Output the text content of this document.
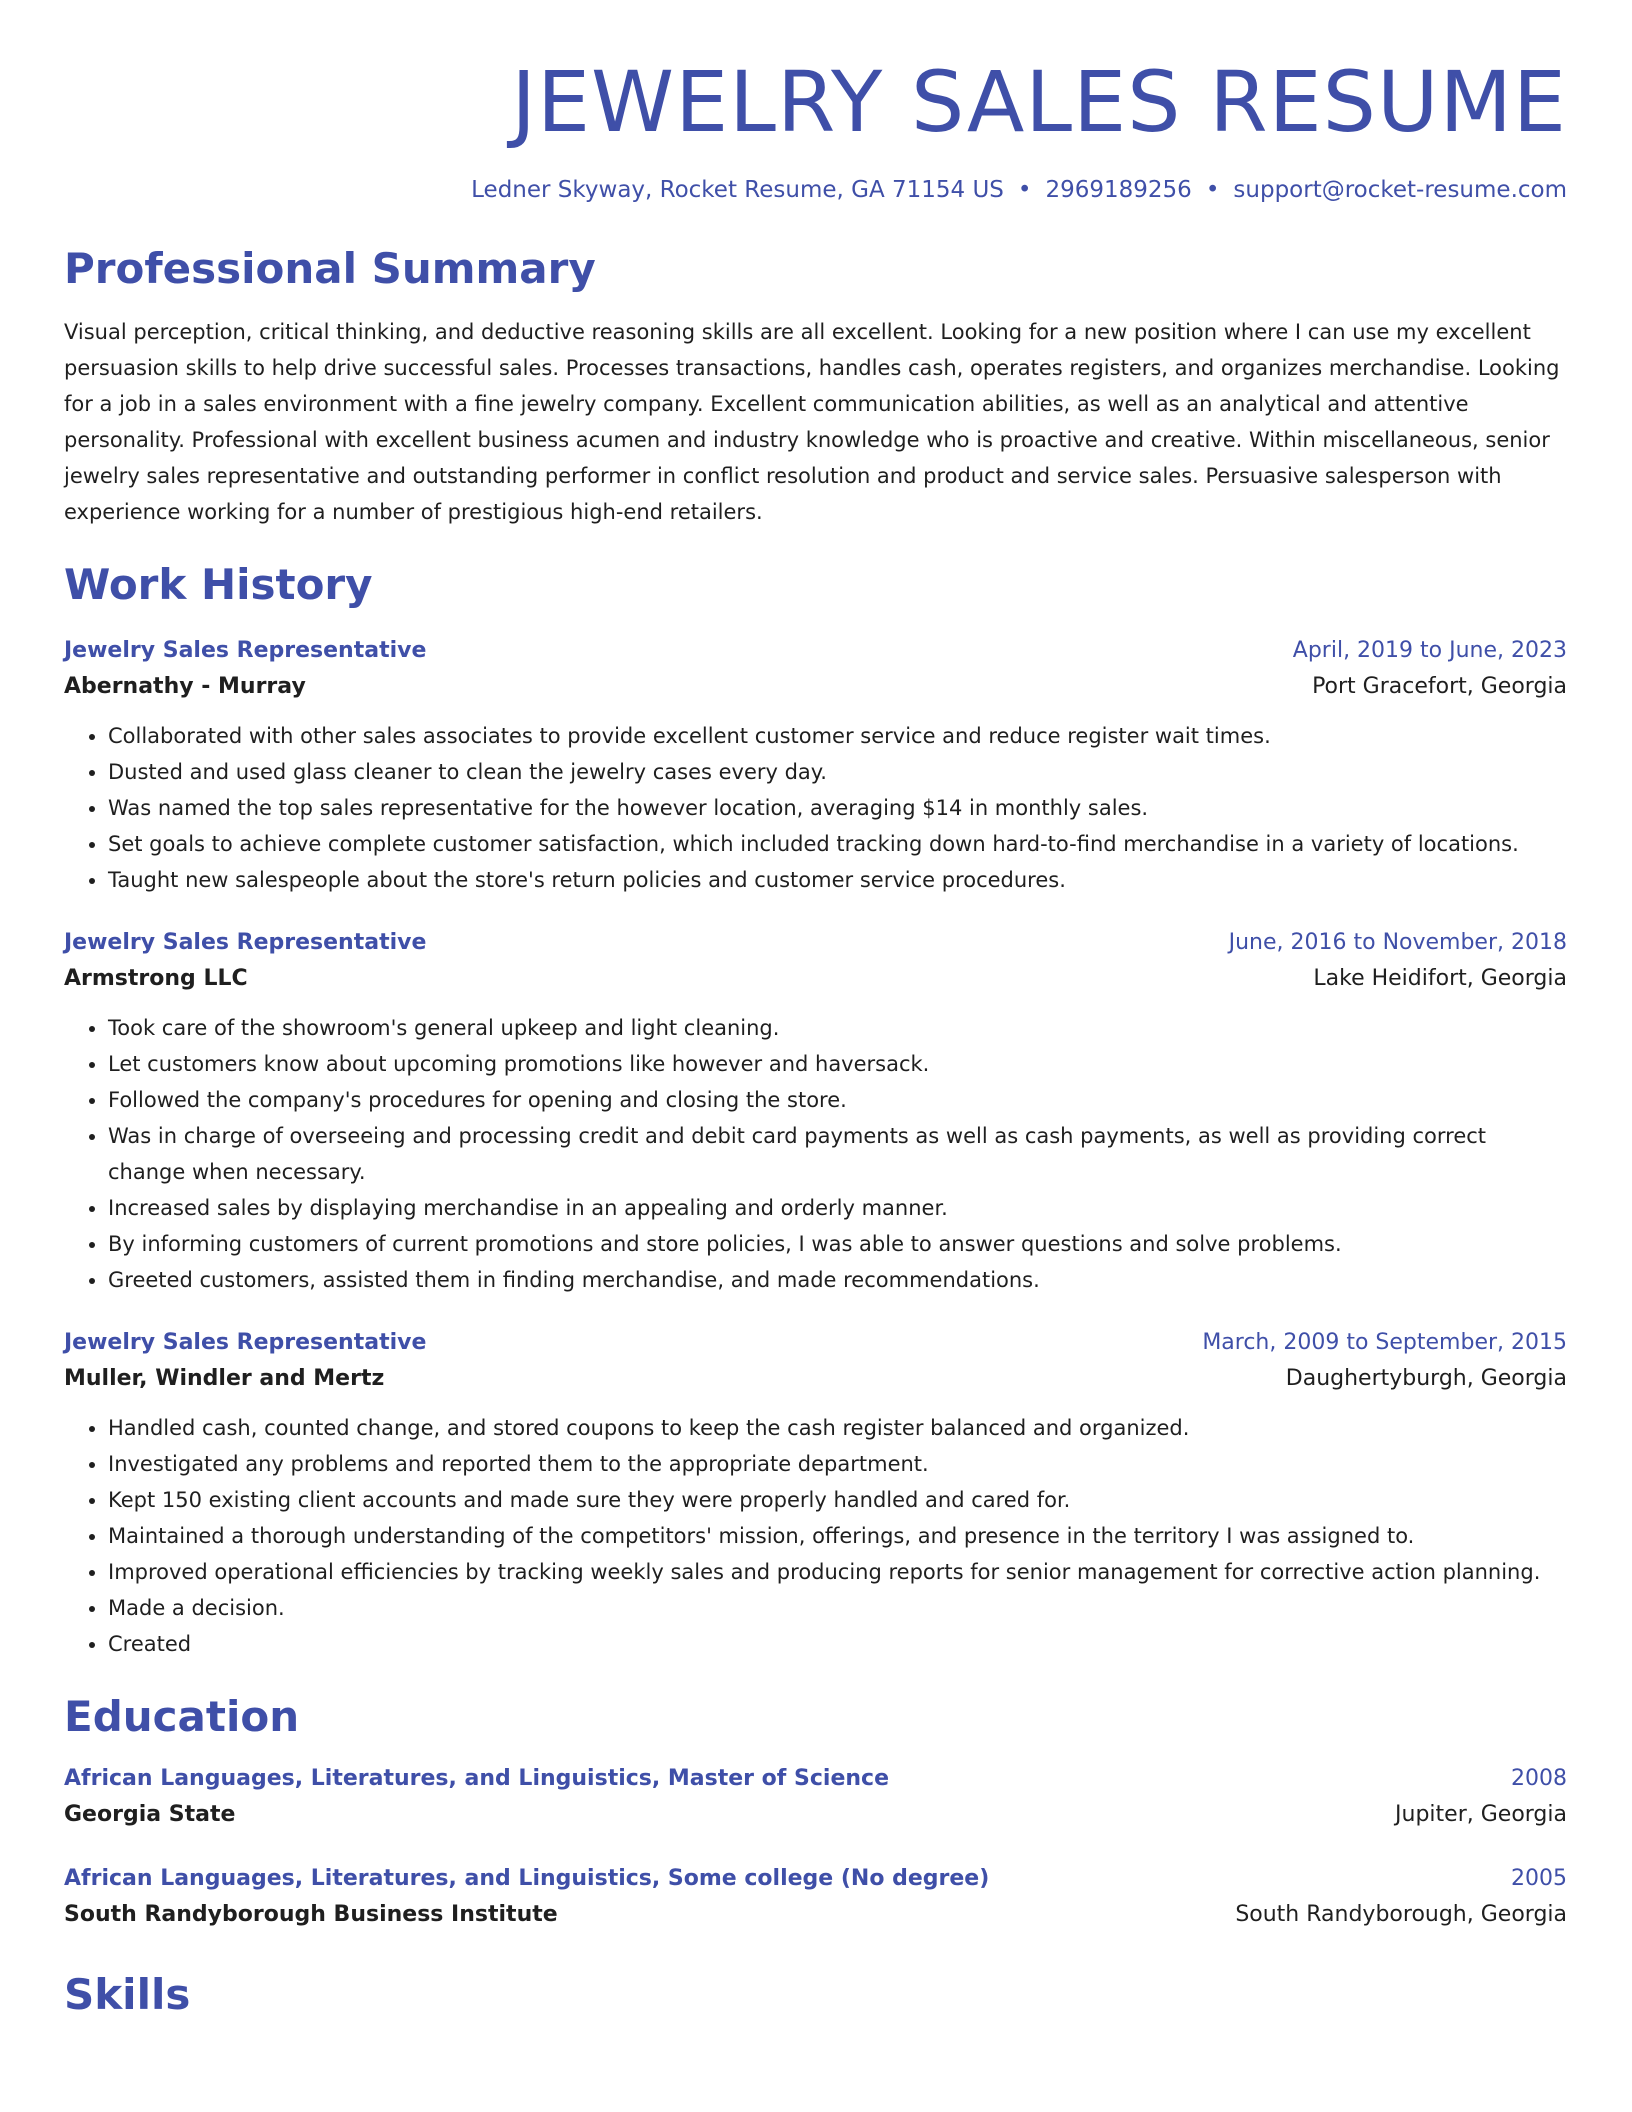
JEWELRY SALES RESUME
Ledner Skyway, Rocket Resume, GA 71154 US • 2969189256 • support@rocket-resume.com
Professional Summary

Visual perception, critical thinking, and deductive reasoning skills are all excellent. Looking for a new position where I can use my excellent persuasion skills to help drive successful sales. Processes transactions, handles cash, operates registers, and organizes merchandise. Looking for a job in a sales environment with a fine jewelry company. Excellent communication abilities, as well as an analytical and attentive personality. Professional with excellent business acumen and industry knowledge who is proactive and creative. Within miscellaneous, senior jewelry sales representative and outstanding performer in conflict resolution and product and service sales. Persuasive salesperson with experience working for a number of prestigious high-end retailers.

Work History
Jewelry Sales Representative	April, 2019 to June, 2023
Abernathy - Murray	Port Gracefort, Georgia
• Collaborated with other sales associates to provide excellent customer service and reduce register wait times.
• Dusted and used glass cleaner to clean the jewelry cases every day.
• Was named the top sales representative for the however location, averaging $14 in monthly sales.
• Set goals to achieve complete customer satisfaction, which included tracking down hard-to-find merchandise in a variety of locations.
• Taught new salespeople about the store's return policies and customer service procedures.
Jewelry Sales Representative	June, 2016 to November, 2018
Armstrong LLC	Lake Heidifort, Georgia
• Took care of the showroom's general upkeep and light cleaning.
• Let customers know about upcoming promotions like however and haversack.
• Followed the company's procedures for opening and closing the store.
• Was in charge of overseeing and processing credit and debit card payments as well as cash payments, as well as providing correct change when necessary.
• Increased sales by displaying merchandise in an appealing and orderly manner.
• By informing customers of current promotions and store policies, I was able to answer questions and solve problems.
• Greeted customers, assisted them in finding merchandise, and made recommendations.
Jewelry Sales Representative	March, 2009 to September, 2015
Muller, Windler and Mertz	Daughertyburgh, Georgia
• Handled cash, counted change, and stored coupons to keep the cash register balanced and organized.
• Investigated any problems and reported them to the appropriate department.
• Kept 150 existing client accounts and made sure they were properly handled and cared for.
• Maintained a thorough understanding of the competitors' mission, offerings, and presence in the territory I was assigned to.
• Improved operational efficiencies by tracking weekly sales and producing reports for senior management for corrective action planning.
• Made a decision.
• Created
Education
African Languages, Literatures, and Linguistics, Master of Science	2008
Georgia State	Jupiter, Georgia
African Languages, Literatures, and Linguistics, Some college (No degree)	2005
South Randyborough Business Institute	South Randyborough, Georgia
Skills
